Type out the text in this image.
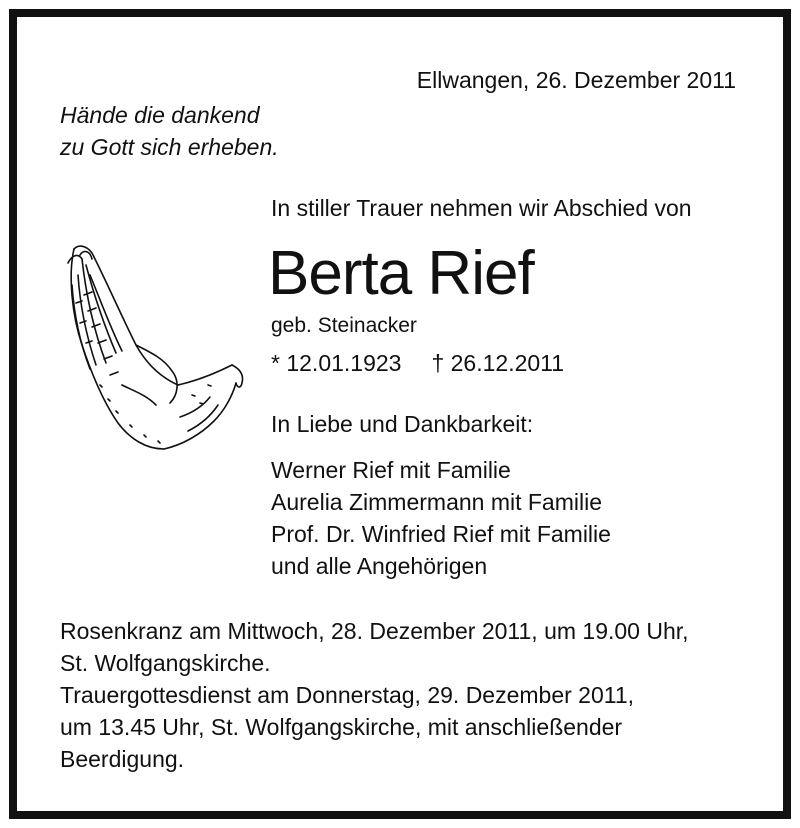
Ellwangen, 26. Dezember 2011
Hände die dankend
zu Gott sich erheben.
In stiller Trauer nehmen wir Abschied von
Berta Rief
geb. Steinacker
* 12.01.1923 † 26.12.2011
In Liebe und Dankbarkeit:
Werner Rief mit Familie
Aurelia Zimmermann mit Familie
Prof. Dr. Winfried Rief mit Familie
und alle Angehörigen
Rosenkranz am Mittwoch, 28. Dezember 2011, um 19.00 Uhr,
St. Wolfgangskirche.
Trauergottesdienst am Donnerstag, 29. Dezember 2011,
um 13.45 Uhr, St. Wolfgangskirche, mit anschließender
Beerdigung.
